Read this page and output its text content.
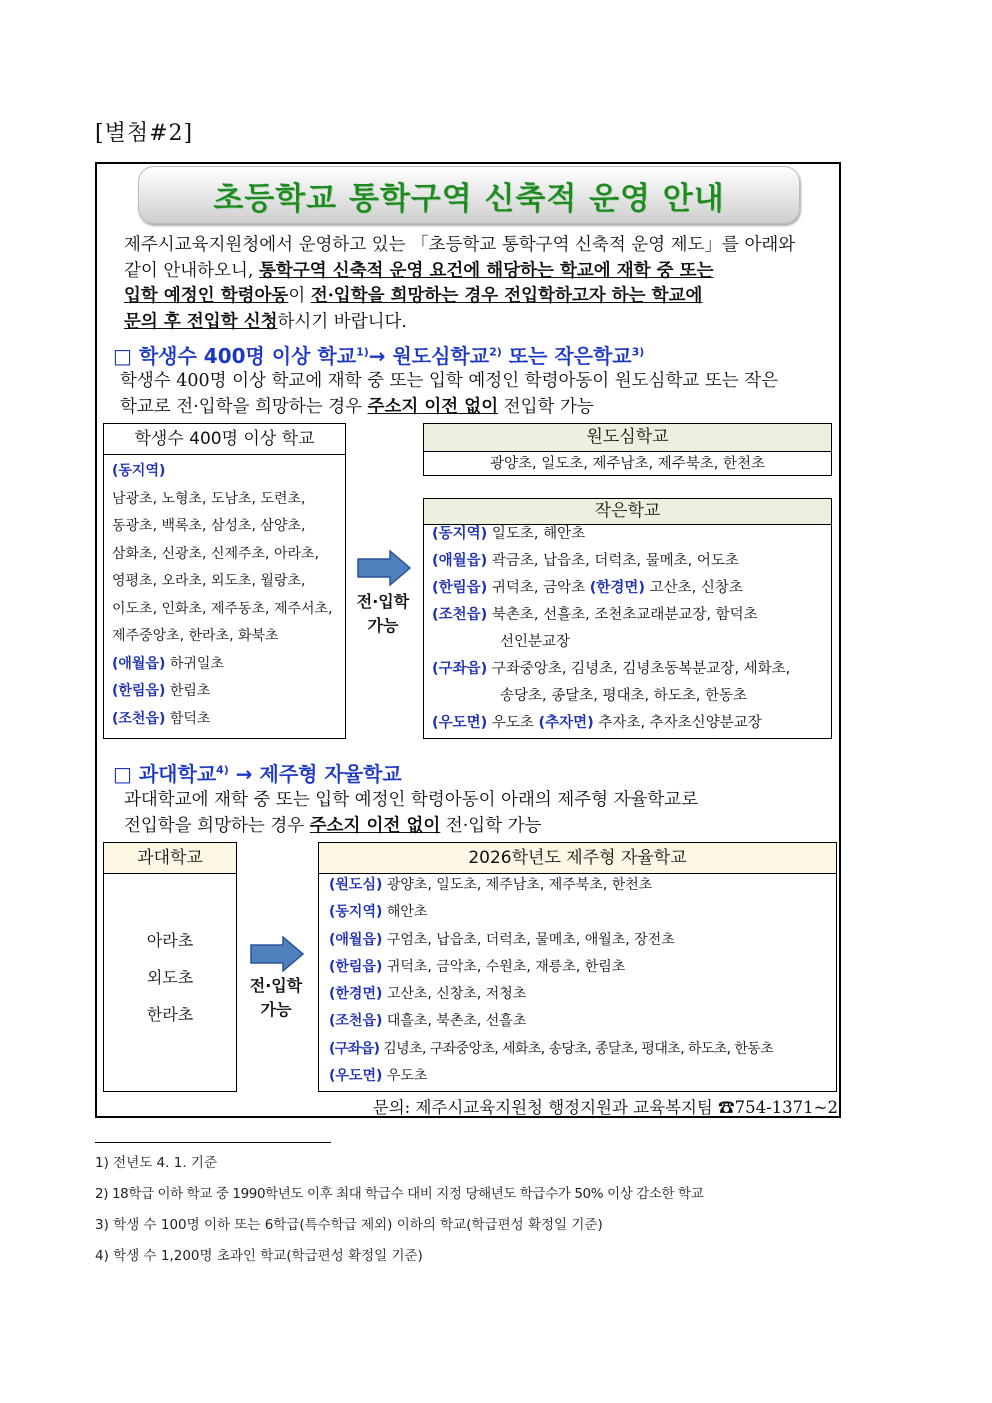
[별첨#2]
초등학교 통학구역 신축적 운영 안내

제주시교육지원청에서 운영하고 있는 「초등학교 통학구역 신축적 운영 제도」를 아래와

같이 안내하오니, 통학구역 신축적 운영 요건에 해당하는 학교에 재학 중 또는

입학 예정인 학령아동이 전·입학을 희망하는 경우 전입학하고자 하는 학교에

문의 후 전입학 신청하시기 바랍니다.

□ 학생수 400명 이상 학교$^{1)}$→ 원도심학교$^{2)}$ 또는 작은학교$^{3)}$

학생수 400명 이상 학교에 재학 중 또는 입학 예정인 학령아동이 원도심학교 또는 작은

학교로 전·입학을 희망하는 경우 주소지 이전 없이 전입학 가능

학생수 400명 이상 학교
(동지역)
남광초, 노형초, 도남초, 도련초,
동광초, 백록초, 삼성초, 삼양초,
삼화초, 신광초, 신제주초, 아라초,
영평초, 오라초, 외도초, 월랑초,
이도초, 인화초, 제주동초, 제주서초,
제주중앙초, 한라초, 화북초
(애월읍) 하귀일초
(한림읍) 한림초
(조천읍) 함덕초
전·입학
가능
원도심학교
광양초, 일도초, 제주남초, 제주북초, 한천초
작은학교
(동지역) 일도초, 해안초
(애월읍) 곽금초, 납읍초, 더럭초, 물메초, 어도초
(한림읍) 귀덕초, 금악초 (한경면) 고산초, 신창초
(조천읍) 북촌초, 선흘초, 조천초교래분교장, 함덕초
선인분교장
(구좌읍) 구좌중앙초, 김녕초, 김녕초동복분교장, 세화초,
송당초, 종달초, 평대초, 하도초, 한동초
(우도면) 우도초 (추자면) 추자초, 추자초신양분교장
□ 과대학교$^{4)}$ → 제주형 자율학교

과대학교에 재학 중 또는 입학 예정인 학령아동이 아래의 제주형 자율학교로

전입학을 희망하는 경우 주소지 이전 없이 전·입학 가능

과대학교
아라초
외도초
한라초
전·입학
가능
2026학년도 제주형 자율학교
(원도심) 광양초, 일도초, 제주남초, 제주북초, 한천초
(동지역) 해안초
(애월읍) 구엄초, 납읍초, 더럭초, 물메초, 애월초, 장전초
(한림읍) 귀덕초, 금악초, 수원초, 재릉초, 한림초
(한경면) 고산초, 신창초, 저청초
(조천읍) 대흘초, 북촌초, 선흘초
(구좌읍) 김녕초, 구좌중앙초, 세화초, 송당초, 종달초, 평대초, 하도초, 한동초
(우도면) 우도초
문의: 제주시교육지원청 행정지원과 교육복지팀 ☎754-1371~2
1) 전년도 4. 1. 기준
2) 18학급 이하 학교 중 1990학년도 이후 최대 학급수 대비 지정 당해년도 학급수가 50% 이상 감소한 학교
3) 학생 수 100명 이하 또는 6학급(특수학급 제외) 이하의 학교(학급편성 확정일 기준)
4) 학생 수 1,200명 초과인 학교(학급편성 확정일 기준)
